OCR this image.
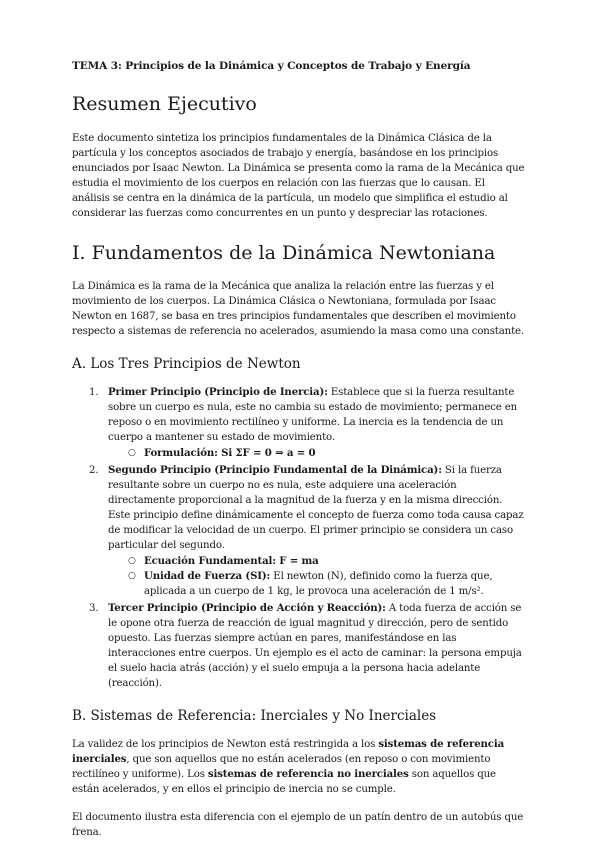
TEMA 3: Principios de la Dinámica y Conceptos de Trabajo y Energía
Resumen Ejecutivo

Este documento sintetiza los principios fundamentales de la Dinámica Clásica de la partícula y los conceptos asociados de trabajo y energía, basándose en los principios enunciados por Isaac Newton. La Dinámica se presenta como la rama de la Mecánica que estudia el movimiento de los cuerpos en relación con las fuerzas que lo causan. El análisis se centra en la dinámica de la partícula, un modelo que simplifica el estudio al considerar las fuerzas como concurrentes en un punto y despreciar las rotaciones.

I. Fundamentos de la Dinámica Newtoniana

La Dinámica es la rama de la Mecánica que analiza la relación entre las fuerzas y el movimiento de los cuerpos. La Dinámica Clásica o Newtoniana, formulada por Isaac Newton en 1687, se basa en tres principios fundamentales que describen el movimiento respecto a sistemas de referencia no acelerados, asumiendo la masa como una constante.

A. Los Tres Principios de Newton
1. Primer Principio (Principio de Inercia): Establece que si la fuerza resultante sobre un cuerpo es nula, este no cambia su estado de movimiento; permanece en reposo o en movimiento rectilíneo y uniforme. La inercia es la tendencia de un cuerpo a mantener su estado de movimiento.
○ Formulación: Si ΣF = 0 ⇒ a = 0
2. Segundo Principio (Principio Fundamental de la Dinámica): Si la fuerza resultante sobre un cuerpo no es nula, este adquiere una aceleración directamente proporcional a la magnitud de la fuerza y en la misma dirección. Este principio define dinámicamente el concepto de fuerza como toda causa capaz de modificar la velocidad de un cuerpo. El primer principio se considera un caso particular del segundo.
○ Ecuación Fundamental: F = ma
○ Unidad de Fuerza (SI): El newton (N), definido como la fuerza que, aplicada a un cuerpo de 1 kg, le provoca una aceleración de 1 m/s².
3. Tercer Principio (Principio de Acción y Reacción): A toda fuerza de acción se le opone otra fuerza de reacción de igual magnitud y dirección, pero de sentido opuesto. Las fuerzas siempre actúan en pares, manifestándose en las interacciones entre cuerpos. Un ejemplo es el acto de caminar: la persona empuja el suelo hacia atrás (acción) y el suelo empuja a la persona hacia adelante (reacción).
B. Sistemas de Referencia: Inerciales y No Inerciales

La validez de los principios de Newton está restringida a los sistemas de referencia inerciales, que son aquellos que no están acelerados (en reposo o con movimiento rectilíneo y uniforme). Los sistemas de referencia no inerciales son aquellos que están acelerados, y en ellos el principio de inercia no se cumple.

El documento ilustra esta diferencia con el ejemplo de un patín dentro de un autobús que frena.
